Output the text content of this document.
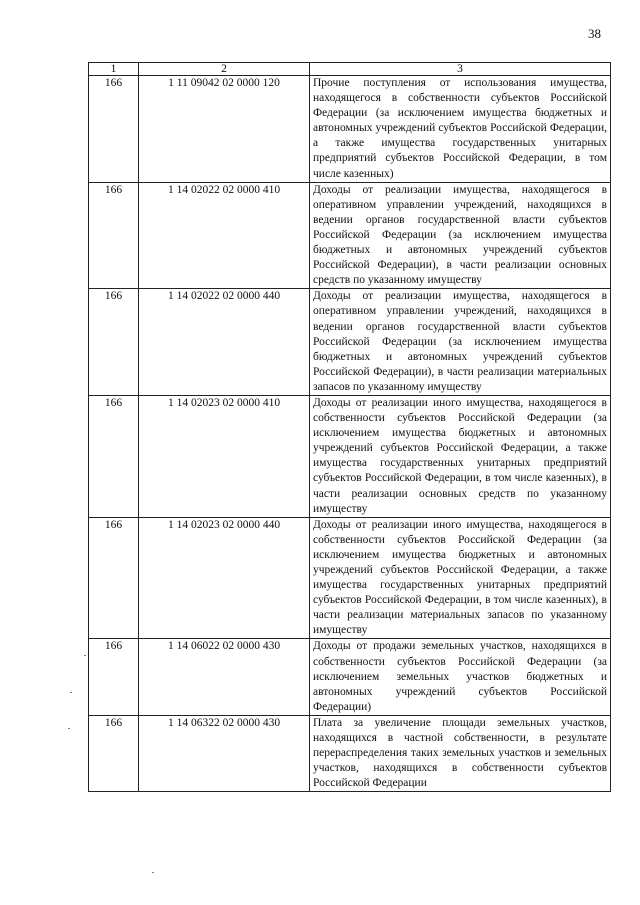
38
1	2	3
166	1 11 09042 02 0000 120	Прочие поступления от использования имущества, находящегося в собственности субъектов Российской Федерации (за исключением имущества бюджетных и автономных учреждений субъектов Российской Федерации, а также имущества государственных унитарных предприятий субъектов Российской Федерации, в том числе казенных)
166	1 14 02022 02 0000 410	Доходы от реализации имущества, находящегося в оперативном управлении учреждений, находящихся в ведении органов государственной власти субъектов Российской Федерации (за исключением имущества бюджетных и автономных учреждений субъектов Российской Федерации), в части реализации основных средств по указанному имуществу
166	1 14 02022 02 0000 440	Доходы от реализации имущества, находящегося в оперативном управлении учреждений, находящихся в ведении органов государственной власти субъектов Российской Федерации (за исключением имущества бюджетных и автономных учреждений субъектов Российской Федерации), в части реализации материальных запасов по указанному имуществу
166	1 14 02023 02 0000 410	Доходы от реализации иного имущества, находящегося в собственности субъектов Российской Федерации (за исключением имущества бюджетных и автономных учреждений субъектов Российской Федерации, а также имущества государственных унитарных предприятий субъектов Российской Федерации, в том числе казенных), в части реализации основных средств по указанному имуществу
166	1 14 02023 02 0000 440	Доходы от реализации иного имущества, находящегося в собственности субъектов Российской Федерации (за исключением имущества бюджетных и автономных учреждений субъектов Российской Федерации, а также имущества государственных унитарных предприятий субъектов Российской Федерации, в том числе казенных), в части реализации материальных запасов по указанному имуществу
166	1 14 06022 02 0000 430	Доходы от продажи земельных участков, находящихся в собственности субъектов Российской Федерации (за исключением земельных участков бюджетных и автономных учреждений субъектов Российской Федерации)
166	1 14 06322 02 0000 430	Плата за увеличение площади земельных участков, находящихся в частной собственности, в результате перераспределения таких земельных участков и земельных участков, находящихся в собственности субъектов Российской Федерации
